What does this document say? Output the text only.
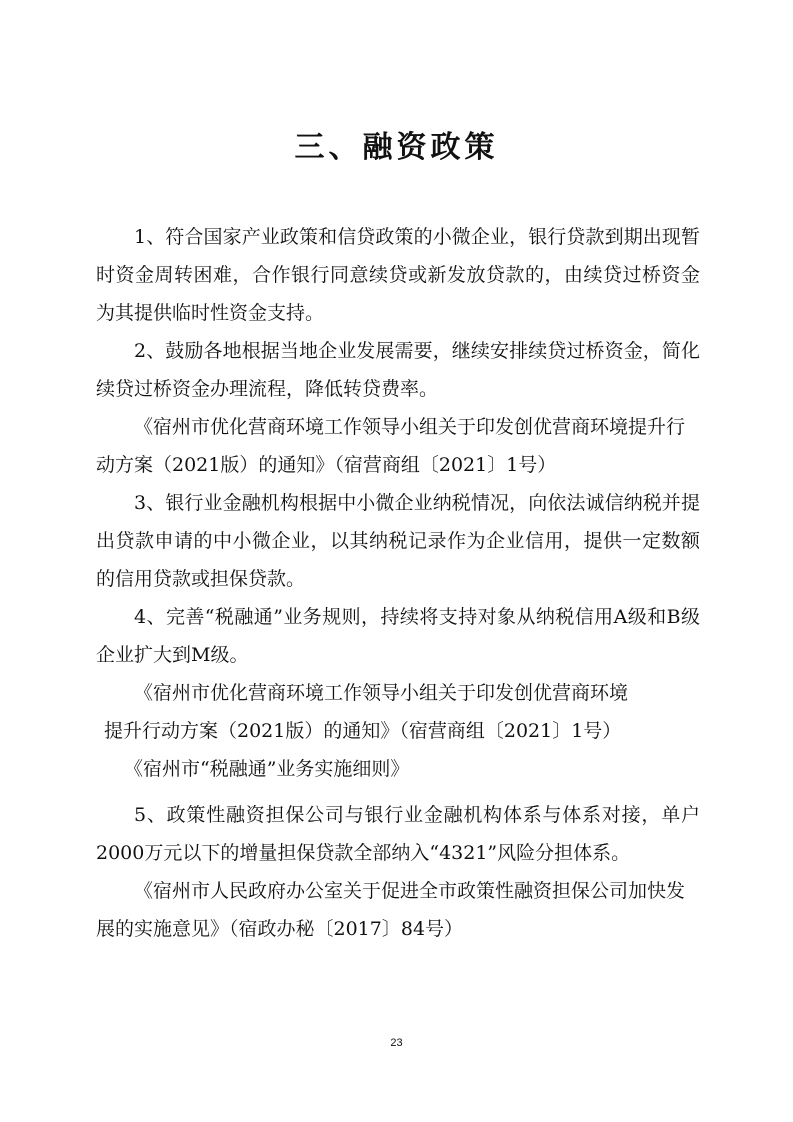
三、融资政策

1、符合国家产业政策和信贷政策的小微企业，银行贷款到期出现暂时资金周转困难，合作银行同意续贷或新发放贷款的，由续贷过桥资金为其提供临时性资金支持。

2、鼓励各地根据当地企业发展需要，继续安排续贷过桥资金，简化续贷过桥资金办理流程，降低转贷费率。

《宿州市优化营商环境工作领导小组关于印发创优营商环境提升行动方案（2021版）的通知》（宿营商组〔2021〕1号）

3、银行业金融机构根据中小微企业纳税情况，向依法诚信纳税并提出贷款申请的中小微企业，以其纳税记录作为企业信用，提供一定数额的信用贷款或担保贷款。

4、完善“税融通”业务规则，持续将支持对象从纳税信用A级和B级企业扩大到M级。

《宿州市优化营商环境工作领导小组关于印发创优营商环境

提升行动方案（2021版）的通知》（宿营商组〔2021〕1号）

《宿州市“税融通”业务实施细则》

5、政策性融资担保公司与银行业金融机构体系与体系对接，单户2000万元以下的增量担保贷款全部纳入“4321”风险分担体系。

《宿州市人民政府办公室关于促进全市政策性融资担保公司加快发展的实施意见》（宿政办秘〔2017〕84号）

23
